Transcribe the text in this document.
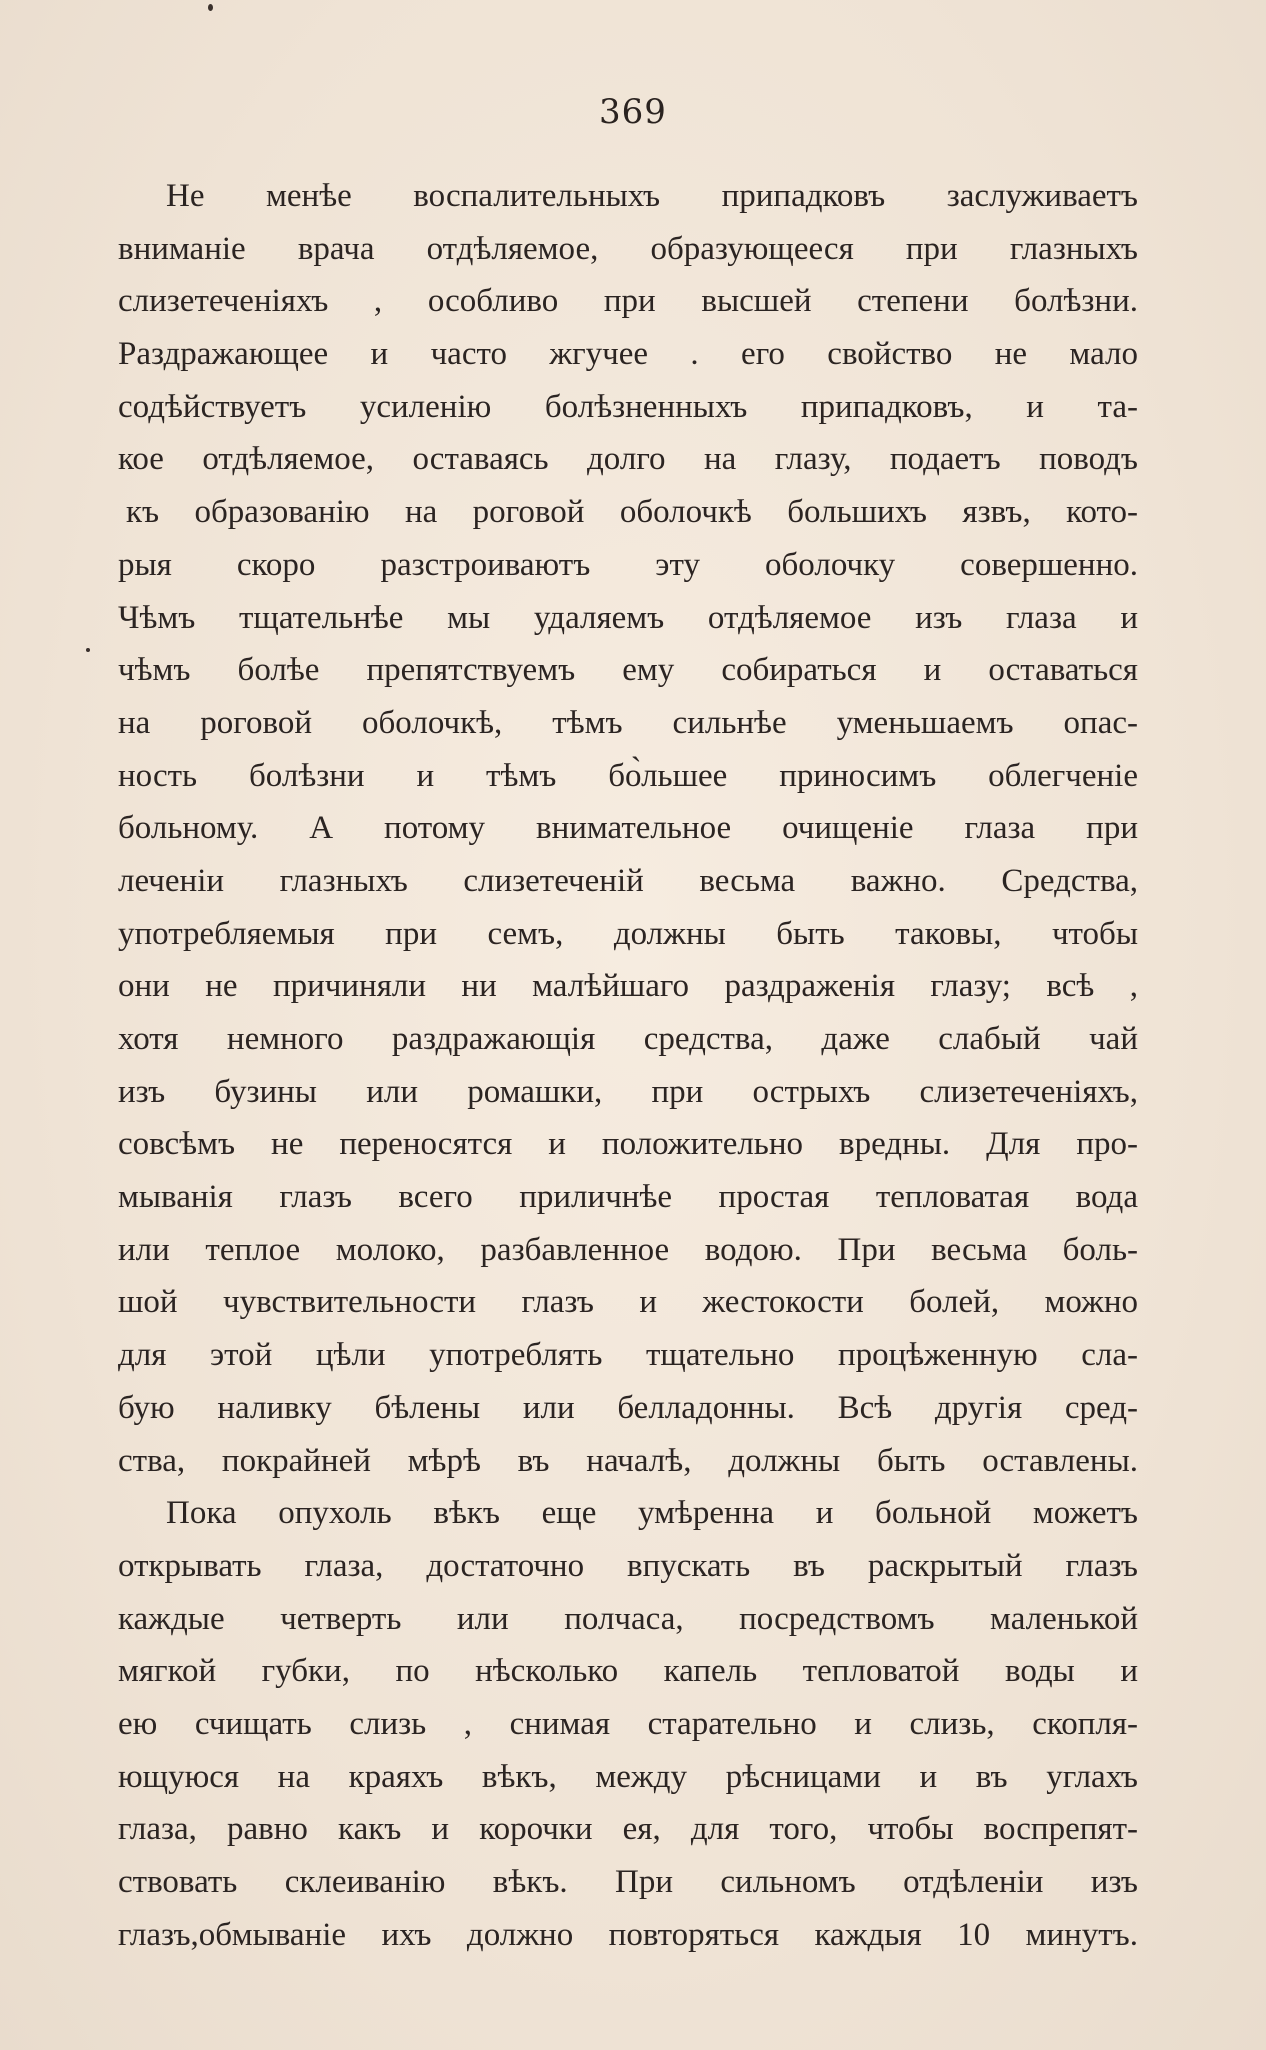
369
Не менѣе воспалительныхъ припадковъ заслуживаетъ
вниманіе врача отдѣляемое, образующееся при глазныхъ
слизетеченіяхъ , особливо при высшей степени болѣзни.
Раздражающее и часто жгучее . его свойство не мало
содѣйствуетъ усиленію болѣзненныхъ припадковъ, и та-
кое отдѣляемое, оставаясь долго на глазу, подаетъ поводъ
къ образованію на роговой оболочкѣ большихъ язвъ, кото-
рыя скоро разстроиваютъ эту оболочку совершенно.
Чѣмъ тщательнѣе мы удаляемъ отдѣляемое изъ глаза и
чѣмъ болѣе препятствуемъ ему собираться и оставаться
на роговой оболочкѣ, тѣмъ сильнѣе уменьшаемъ опас-
ность болѣзни и тѣмъ бо̀льшее приносимъ облегченіе
больному. А потому внимательное очищеніе глаза при
леченіи глазныхъ слизетеченій весьма важно. Средства,
употребляемыя при семъ, должны быть таковы, чтобы
они не причиняли ни малѣйшаго раздраженія глазу; всѣ ,
хотя немного раздражающія средства, даже слабый чай
изъ бузины или ромашки, при острыхъ слизетеченіяхъ,
совсѣмъ не переносятся и положительно вредны. Для про-
мыванія глазъ всего приличнѣе простая тепловатая вода
или теплое молоко, разбавленное водою. При весьма боль-
шой чувствительности глазъ и жестокости болей, можно
для этой цѣли употреблять тщательно процѣженную сла-
бую наливку бѣлены или белладонны. Всѣ другія сред-
ства, покрайней мѣрѣ въ началѣ, должны быть оставлены.
Пока опухоль вѣкъ еще умѣренна и больной можетъ
открывать глаза, достаточно впускать въ раскрытый глазъ
каждые четверть или полчаса, посредствомъ маленькой
мягкой губки, по нѣсколько капель тепловатой воды и
ею счищать слизь , снимая старательно и слизь, скопля-
ющуюся на краяхъ вѣкъ, между рѣсницами и въ углахъ
глаза, равно какъ и корочки ея, для того, чтобы воспрепят-
ствовать склеиванію вѣкъ. При сильномъ отдѣленіи изъ
глазъ,обмываніе ихъ должно повторяться каждыя 10 минутъ.
